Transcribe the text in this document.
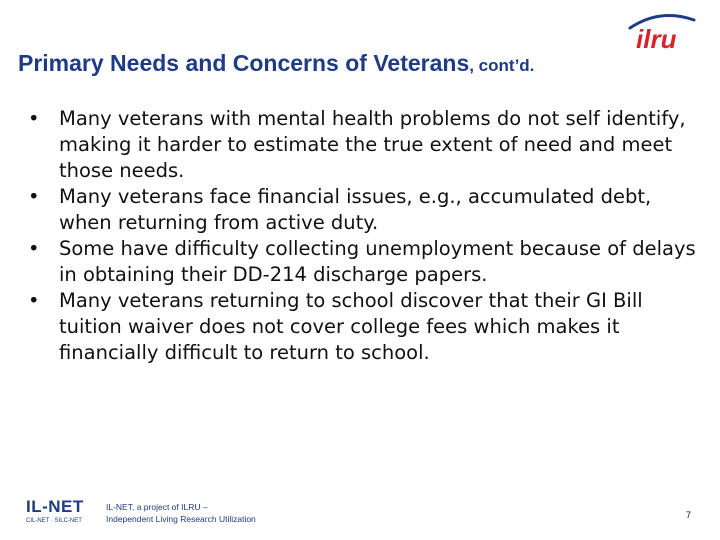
ilru
Primary Needs and Concerns of Veterans, cont’d.
• Many veterans with mental health problems do not self identify, making it harder to estimate the true extent of need and meet those needs.
• Many veterans face financial issues, e.g., accumulated debt, when returning from active duty.
• Some have difficulty collecting unemployment because of delays in obtaining their DD-214 discharge papers.
• Many veterans returning to school discover that their GI Bill tuition waiver does not cover college fees which makes it financially difficult to return to school.
IL-NET
CIL-NET · SILC-NET
IL-NET, a project of ILRU –
Independent Living Research Utilization	7
